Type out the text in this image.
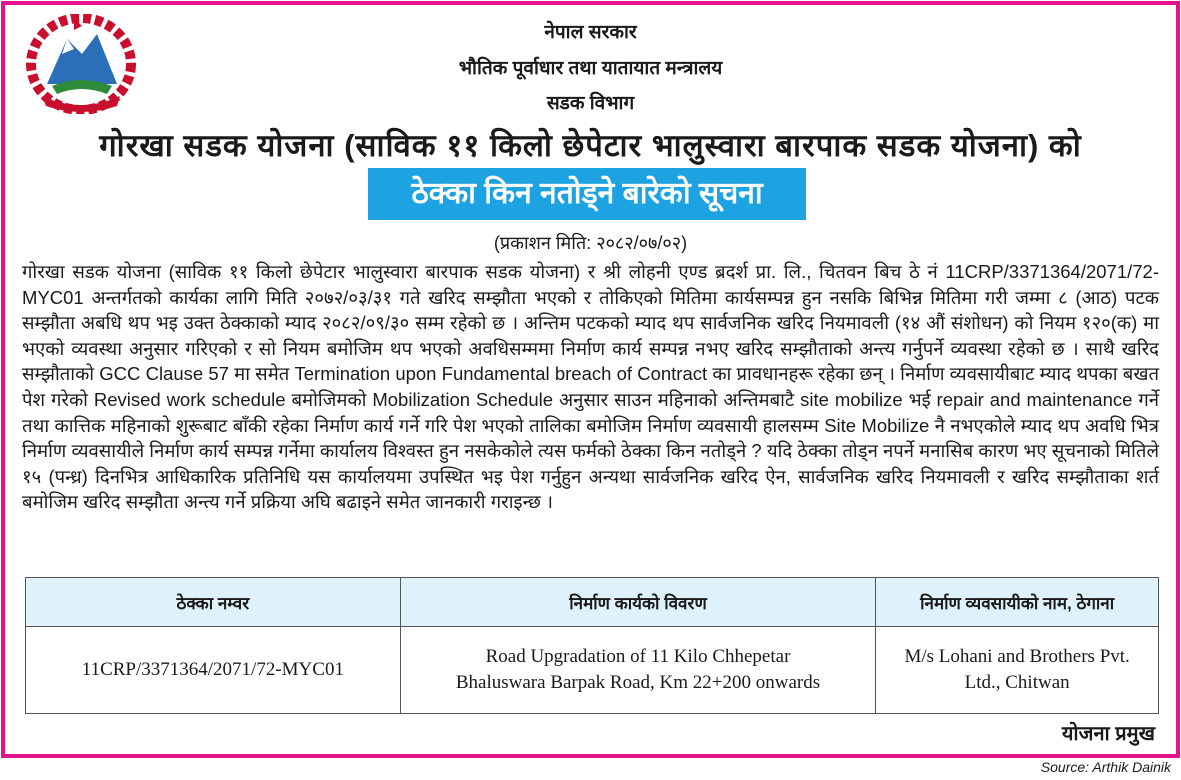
नेपाल सरकार
भौतिक पूर्वाधार तथा यातायात मन्त्रालय
सडक विभाग
गोरखा सडक योजना (साविक ११ किलो छेपेटार भालुस्वारा बारपाक सडक योजना) को
ठेक्का किन नतोड्ने बारेको सूचना
(प्रकाशन मिति: २०८२/०७/०२)
गोरखा सडक योजना (साविक ११ किलो छेपेटार भालुस्वारा बारपाक सडक योजना) र श्री लोहनी एण्ड ब्रदर्श प्रा. लि., चितवन बिच ठे नं 11CRP/3371364/2071/72-MYC01 अन्तर्गतको कार्यका लागि मिति २०७२/०३/३१ गते खरिद सम्झौता भएको र तोकिएको मितिमा कार्यसम्पन्न हुन नसकि बिभिन्न मितिमा गरी जम्मा ८ (आठ) पटक सम्झौता अबधि थप भइ उक्त ठेक्काको म्याद २०८२/०९/३० सम्म रहेको छ । अन्तिम पटकको म्याद थप सार्वजनिक खरिद नियमावली (१४ औं संशोधन) को नियम १२०(क) मा भएको व्यवस्था अनुसार गरिएको र सो नियम बमोजिम थप भएको अवधिसम्ममा निर्माण कार्य सम्पन्न नभए खरिद सम्झौताको अन्त्य गर्नुपर्ने व्यवस्था रहेको छ । साथै खरिद सम्झौताको GCC Clause 57 मा समेत Termination upon Fundamental breach of Contract का प्रावधानहरू रहेका छन् । निर्माण व्यवसायीबाट म्याद थपका बखत पेश गरेको Revised work schedule बमोजिमको Mobilization Schedule अनुसार साउन महिनाको अन्तिमबाटै site mobilize भई repair and maintenance गर्ने तथा कात्तिक महिनाको शुरूबाट बाँकी रहेका निर्माण कार्य गर्ने गरि पेश भएको तालिका बमोजिम निर्माण व्यवसायी हालसम्म Site Mobilize नै नभएकोले म्याद थप अवधि भित्र निर्माण व्यवसायीले निर्माण कार्य सम्पन्न गर्नेमा कार्यालय विश्वस्त हुन नसकेकोले त्यस फर्मको ठेक्का किन नतोड्ने ? यदि ठेक्का तोड्न नपर्ने मनासिब कारण भए सूचनाको मितिले १५ (पन्ध्र) दिनभित्र आधिकारिक प्रतिनिधि यस कार्यालयमा उपस्थित भइ पेश गर्नुहुन अन्यथा सार्वजनिक खरिद ऐन, सार्वजनिक खरिद नियमावली र खरिद सम्झौताका शर्त बमोजिम खरिद सम्झौता अन्त्य गर्ने प्रक्रिया अघि बढाइने समेत जानकारी गराइन्छ ।
ठेक्का नम्वर	निर्माण कार्यको विवरण	निर्माण व्यवसायीको नाम, ठेगाना
11CRP/3371364/2071/72-MYC01	Road Upgradation of 11 Kilo Chhepetar Bhaluswara Barpak Road, Km 22+200 onwards	M/s Lohani and Brothers Pvt. Ltd., Chitwan
योजना प्रमुख
Source: Arthik Dainik
